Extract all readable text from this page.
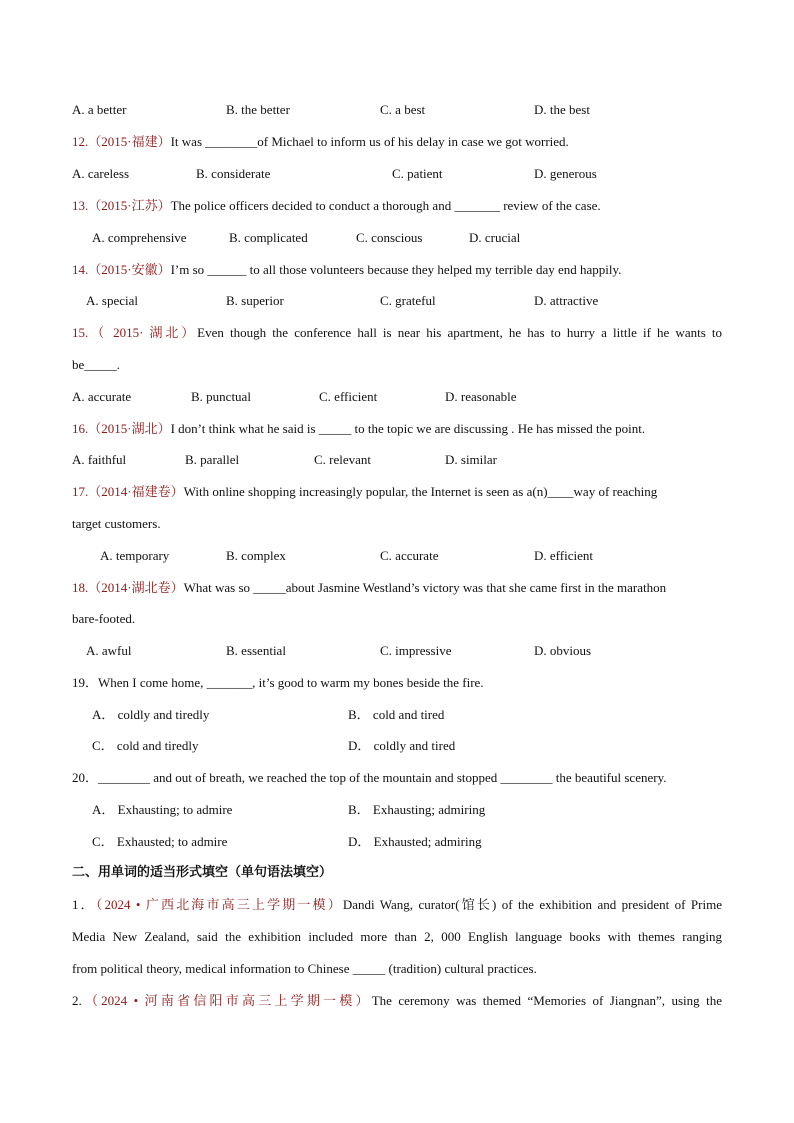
A. a better	B. the better	C. a best	D. the best
12.（2015·福建）It was ________of Michael to inform us of his delay in case we got worried.
A. careless	B. considerate	C. patient	D. generous
13.（2015·江苏）The police officers decided to conduct a thorough and _______ review of the case.
A. comprehensive	B. complicated	C. conscious	D. crucial
14.（2015·安徽）I’m so ______ to all those volunteers because they helped my terrible day end happily.
A. special	B. superior	C. grateful	D. attractive
15.（ 2015· 湖北）Even though the conference hall is near his apartment, he has to hurry a little if he wants to
be_____.
A. accurate	B. punctual	C. efficient	D. reasonable
16.（2015·湖北）I don’t think what he said is _____ to the topic we are discussing . He has missed the point.
A. faithful	B. parallel	C. relevant	D. similar
17.（2014·福建卷）With online shopping increasingly popular, the Internet is seen as a(n)____way of reaching
target customers.
A. temporary	B. complex	C. accurate	D. efficient
18.（2014·湖北卷）What was so _____about Jasmine Westland’s victory was that she came first in the marathon
bare-footed.
A. awful	B. essential	C. impressive	D. obvious
19．When I come home, _______, it’s good to warm my bones beside the fire.
A． coldly and tiredly	B． cold and tired
C． cold and tiredly	D． coldly and tired
20．________ and out of breath, we reached the top of the mountain and stopped ________ the beautiful scenery.
A． Exhausting; to admire	B． Exhausting; admiring
C． Exhausted; to admire	D． Exhausted; admiring
二、用单词的适当形式填空（单句语法填空）
1．（2024 • 广西北海市高三上学期一模）Dandi Wang, curator(馆长) of the exhibition and president of Prime
Media New Zealand, said the exhibition included more than 2, 000 English language books with themes ranging
from political theory, medical information to Chinese _____ (tradition) cultural practices.
2.（2024 • 河南省信阳市高三上学期一模）The ceremony was themed “Memories of Jiangnan”, using the
